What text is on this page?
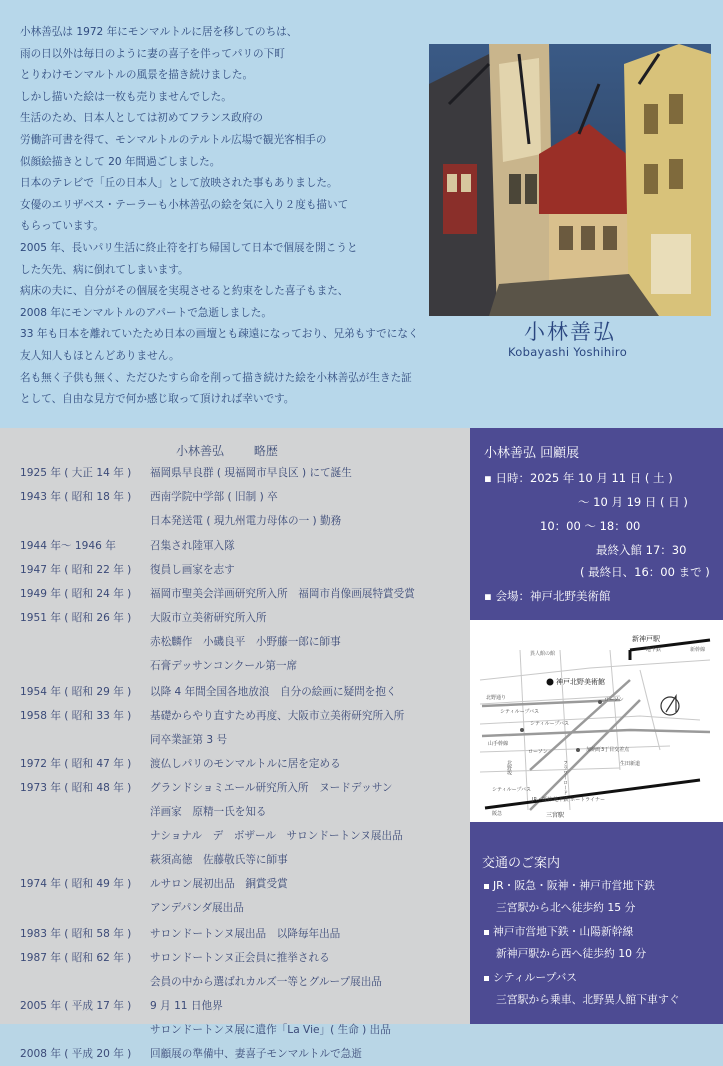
小林善弘は 1972 年にモンマルトルに居を移してのちは、
雨の日以外は毎日のように妻の喜子を伴ってパリの下町
とりわけモンマルトルの風景を描き続けました。
しかし描いた絵は一枚も売りませんでした。
生活のため、日本人としては初めてフランス政府の
労働許可書を得て、モンマルトルのテルトル広場で観光客相手の
似顔絵描きとして 20 年間過ごしました。
日本のテレビで「丘の日本人」として放映された事もありました。
女優のエリザベス・テーラーも小林善弘の絵を気に入り２度も描いて
もらっています。
2005 年、長いパリ生活に終止符を打ち帰国して日本で個展を開こうと
した矢先、病に倒れてしまいます。
病床の夫に、自分がその個展を実現させると約束をした喜子もまた、
2008 年にモンマルトルのアパートで急逝しました。
33 年も日本を離れていたため日本の画壇とも疎遠になっており、兄弟もすでになく
友人知人もほとんどありません。
名も無く子供も無く、ただひたすら命を削って描き続けた絵を小林善弘が生きた証
として、自由な見方で何か感じ取って頂ければ幸いです。
小林善弘
Kobayashi Yoshihiro
小林善弘 略歴
1925 年 ( 大正 14 年 ) 福岡県早良群 ( 現福岡市早良区 ) にて誕生
1943 年 ( 昭和 18 年 ) 西南学院中学部 ( 旧制 ) 卒
日本発送電 ( 現九州電力母体の一 ) 勤務
1944 年～ 1946 年	召集され陸軍入隊
1947 年 ( 昭和 22 年 ) 復員し画家を志す
1949 年 ( 昭和 24 年 ) 福岡市聖美会洋画研究所入所　福岡市肖像画展特賞受賞
1951 年 ( 昭和 26 年 ) 大阪市立美術研究所入所
赤松麟作　小磯良平　小野藤一郎に師事
石膏デッサンコンクール第一席
1954 年 ( 昭和 29 年 ) 以降 4 年間全国各地放浪　自分の絵画に疑問を抱く
1958 年 ( 昭和 33 年 ) 基礎からやり直すため再度、大阪市立美術研究所入所
同卒業証第 3 号
1972 年 ( 昭和 47 年 ) 渡仏しパリのモンマルトルに居を定める
1973 年 ( 昭和 48 年 ) グランドショミエール研究所入所　ヌードデッサン
洋画家　原精一氏を知る
ナショナル　デ　ボザール　サロンドートンヌ展出品
萩須高徳　佐藤敬氏等に師事
1974 年 ( 昭和 49 年 ) ルサロン展初出品　銅賞受賞
アンデパンダ展出品
1983 年 ( 昭和 58 年 ) サロンドートンヌ展出品　以降毎年出品
1987 年 ( 昭和 62 年 ) サロンドートンヌ正会員に推挙される
会員の中から選ばれカルズ一等とグループ展出品
2005 年 ( 平成 17 年 ) 9 月 11 日他界
サロンドートンヌ展に遺作「La Vie」( 生命 ) 出品
2008 年 ( 平成 20 年 ) 回顧展の準備中、妻喜子モンマルトルで急逝
小林善弘 回顧展
▪ 日時：2025 年 10 月 11 日 ( 土 )
～ 10 月 19 日 ( 日 )
10：00 ～ 18：00
最終入館 17：30
( 最終日、16：00 まで )
▪ 会場：神戸北野美術館
新神戸駅
地下鉄	新幹線
異人館の館
神戸北野美術館
ローソン
北野通り
シティループバス
シティループバス
山手幹線
ローソン	加納町3丁目交差点
シティループバス
JR・阪神 地下鉄 ポートライナー
阪急	三宮駅
北野坂	フラワーロード	生田新道
交通のご案内
JR・阪急・阪神・神戸市営地下鉄
三宮駅から北へ徒歩約 15 分
神戸市営地下鉄・山陽新幹線
新神戸駅から西へ徒歩約 10 分
シティループバス
三宮駅から乗車、北野異人館下車すぐ
